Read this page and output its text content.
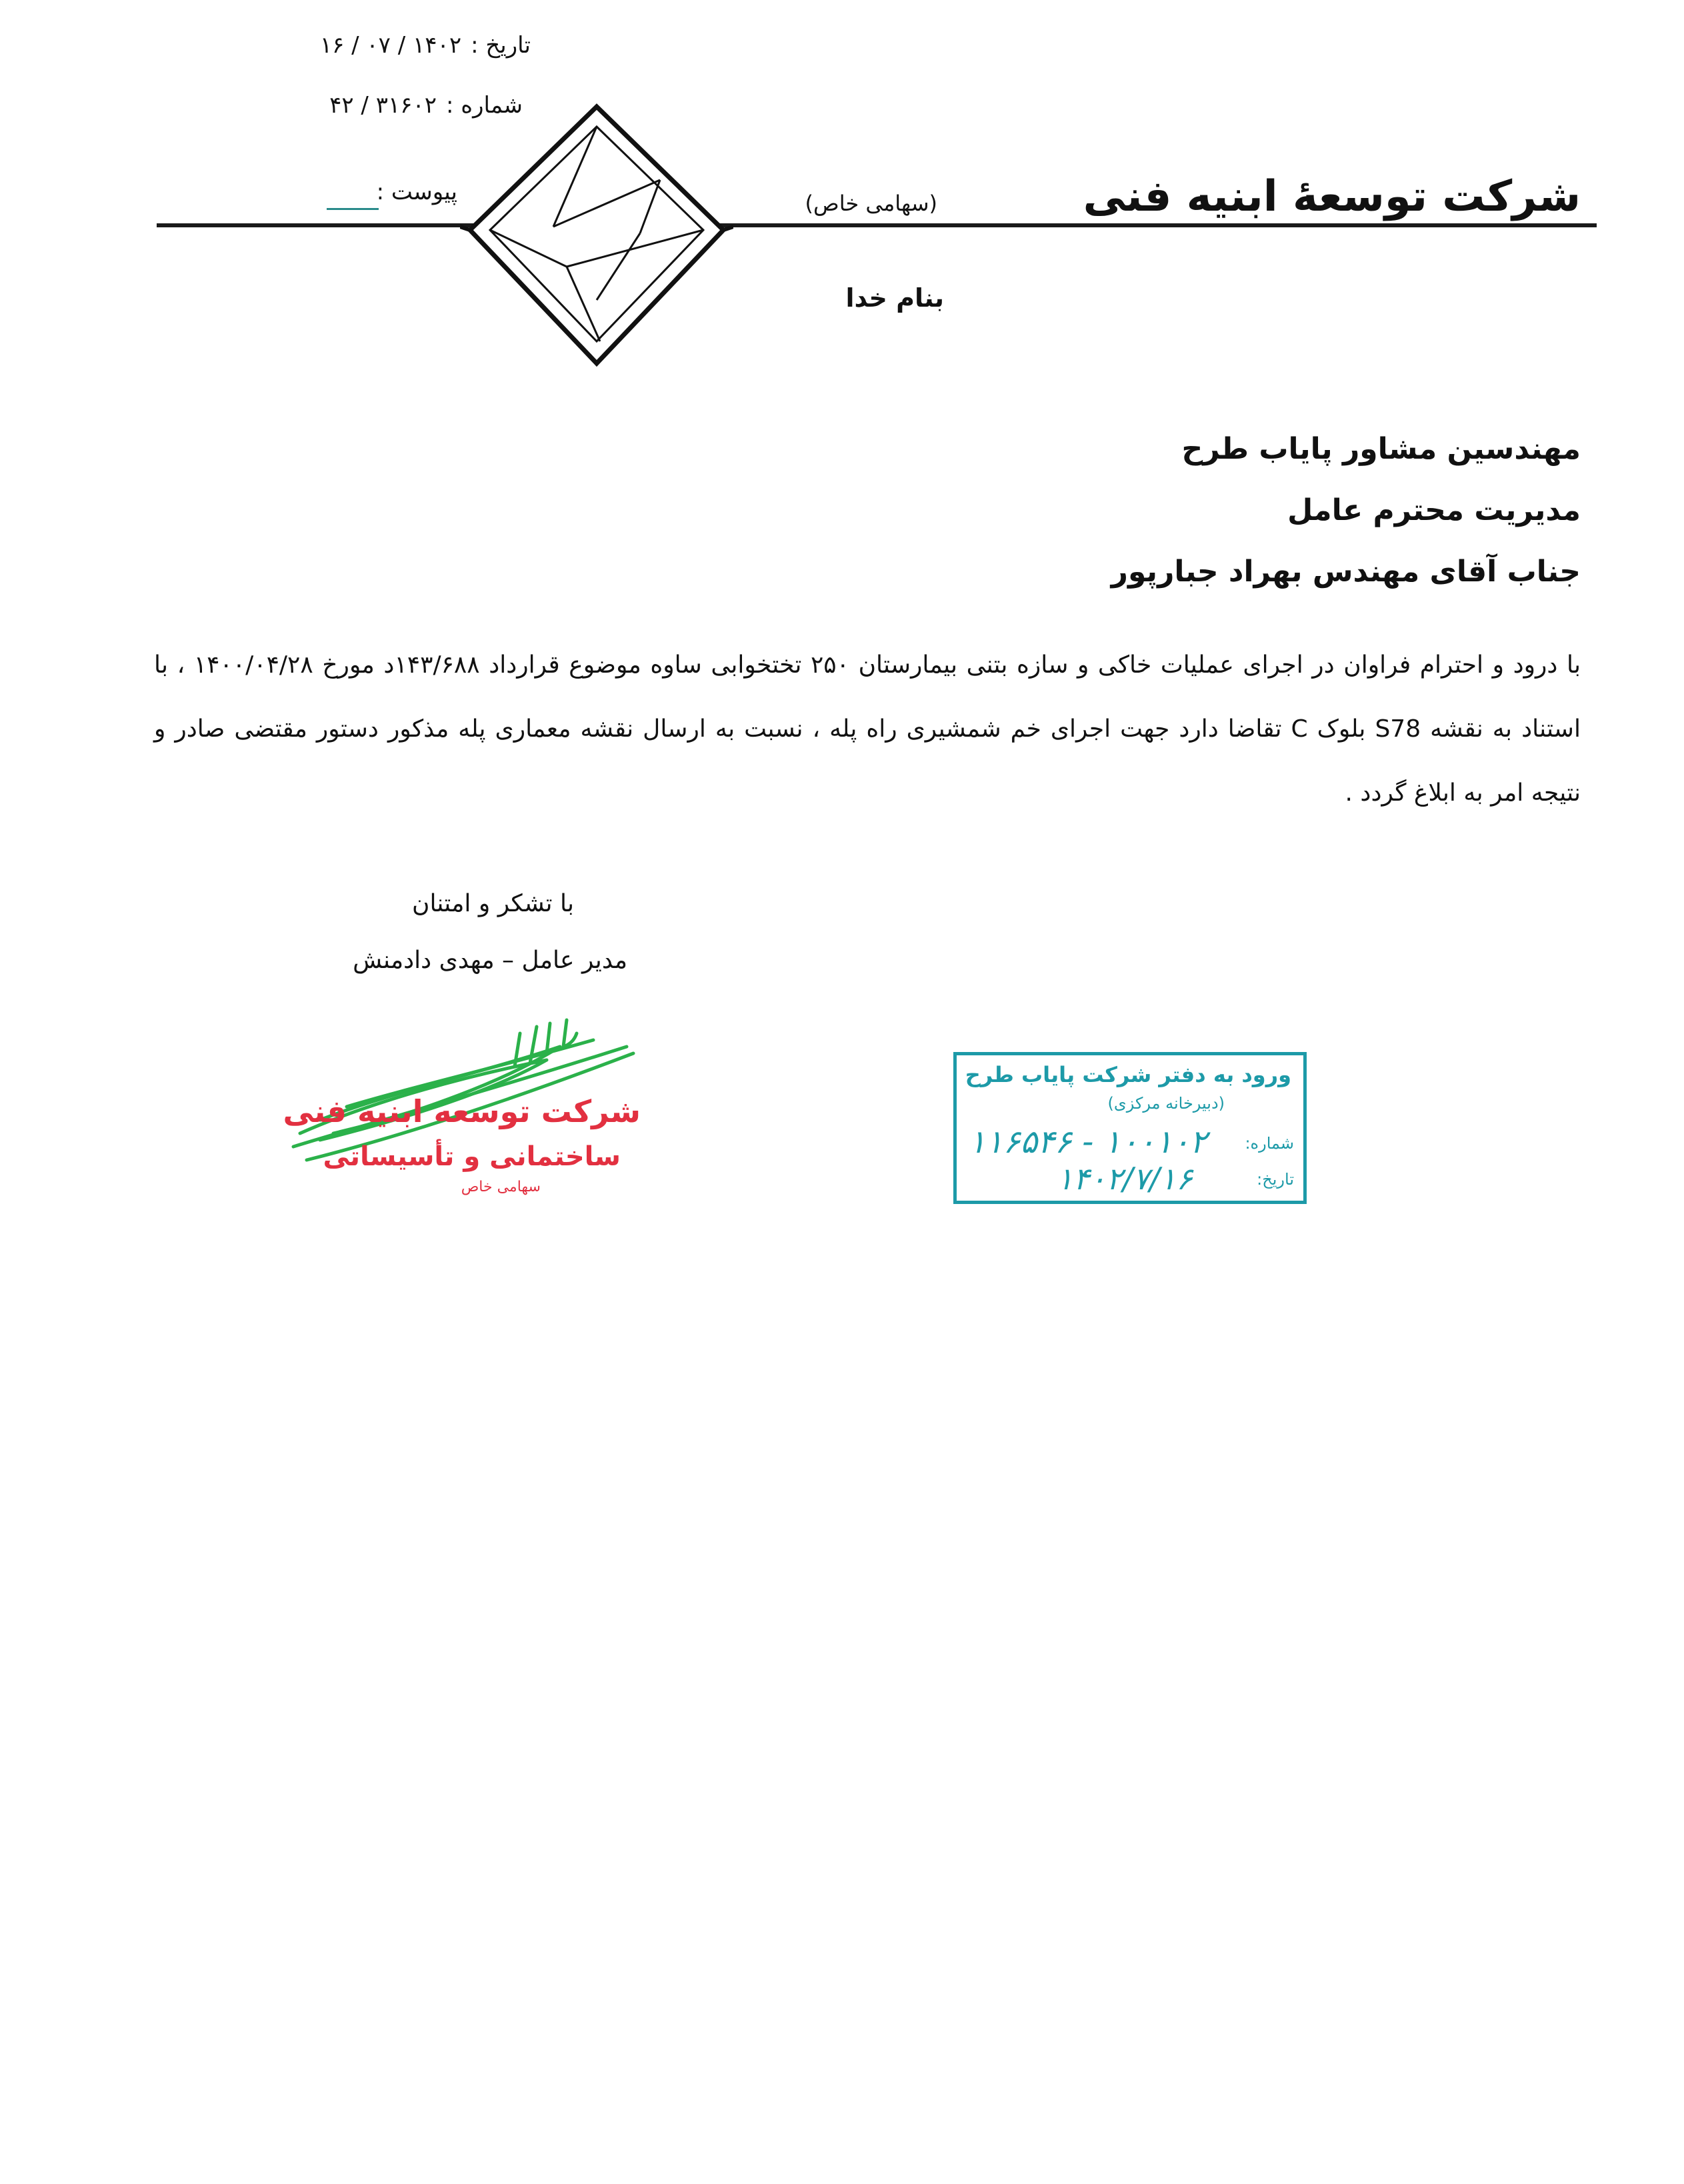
تاریخ :۱۴۰۲ / ۰۷ / ۱۶
شماره :۳۱۶۰۲ / ۴۲
پیوست :	شرکت توسعهٔ ابنیه فنی
(سهامی خاص)
بنام خدا
مهندسین مشاور پایاب طرح
مدیریت محترم عامل
جناب آقای مهندس بهراد جبارپور
با درود و احترام فراوان در اجرای عملیات خاکی و سازه بتنی بیمارستان ۲۵۰ تختخوابی ساوه موضوع قرارداد ۱۴۳/۶۸۸د مورخ ۱۴۰۰/۰۴/۲۸ ، با استناد به نقشه S78 بلوک C تقاضا دارد جهت اجرای خم شمشیری راه پله ، نسبت به ارسال نقشه معماری پله مذکور دستور مقتضی صادر و نتیجه امر به ابلاغ گردد .
با تشکر و امتنان
مدیر عامل – مهدی دادمنش
شرکت توسعه ابنیه فنی
ساختمانی و تأسیساتی
سهامی خاص
ورود به دفتر شرکت پایاب طرح
(دبیرخانه مرکزی)
شماره:
۱۰۰۱۰۲ - ۱۱۶۵۴۶
تاریخ:
۱۴۰۲/۷/۱۶
